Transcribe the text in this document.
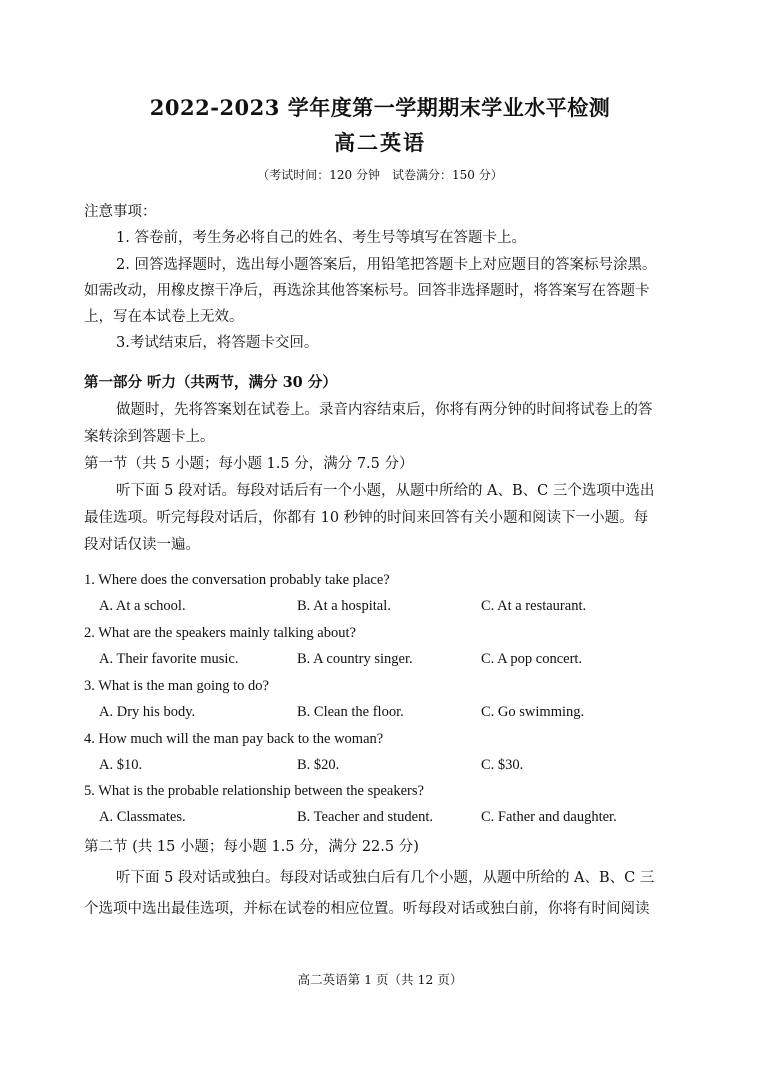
2022-2023 学年度第一学期期末学业水平检测
高二英语
（考试时间：120 分钟　试卷满分：150 分）
注意事项：
1. 答卷前，考生务必将自己的姓名、考生号等填写在答题卡上。
2. 回答选择题时，选出每小题答案后，用铅笔把答题卡上对应题目的答案标号涂黑。
如需改动，用橡皮擦干净后，再选涂其他答案标号。回答非选择题时，将答案写在答题卡
上，写在本试卷上无效。
3.考试结束后，将答题卡交回。
第一部分 听力（共两节，满分 30 分）
做题时，先将答案划在试卷上。录音内容结束后，你将有两分钟的时间将试卷上的答
案转涂到答题卡上。
第一节（共 5 小题；每小题 1.5 分，满分 7.5 分）
听下面 5 段对话。每段对话后有一个小题，从题中所给的 A、B、C 三个选项中选出
最佳选项。听完每段对话后，你都有 10 秒钟的时间来回答有关小题和阅读下一小题。每
段对话仅读一遍。
1. Where does the conversation probably take place?
A. At a school.	B. At a hospital.	C. At a restaurant.
2. What are the speakers mainly talking about?
A. Their favorite music.	B. A country singer.	C. A pop concert.
3. What is the man going to do?
A. Dry his body.	B. Clean the floor.	C. Go swimming.
4. How much will the man pay back to the woman?
A. $10.	B. $20.	C. $30.
5. What is the probable relationship between the speakers?
A. Classmates.	B. Teacher and student.	C. Father and daughter.
第二节 (共 15 小题；每小题 1.5 分，满分 22.5 分)
听下面 5 段对话或独白。每段对话或独白后有几个小题，从题中所给的 A、B、C 三
个选项中选出最佳选项，并标在试卷的相应位置。听每段对话或独白前，你将有时间阅读
高二英语第 1 页（共 12 页）
